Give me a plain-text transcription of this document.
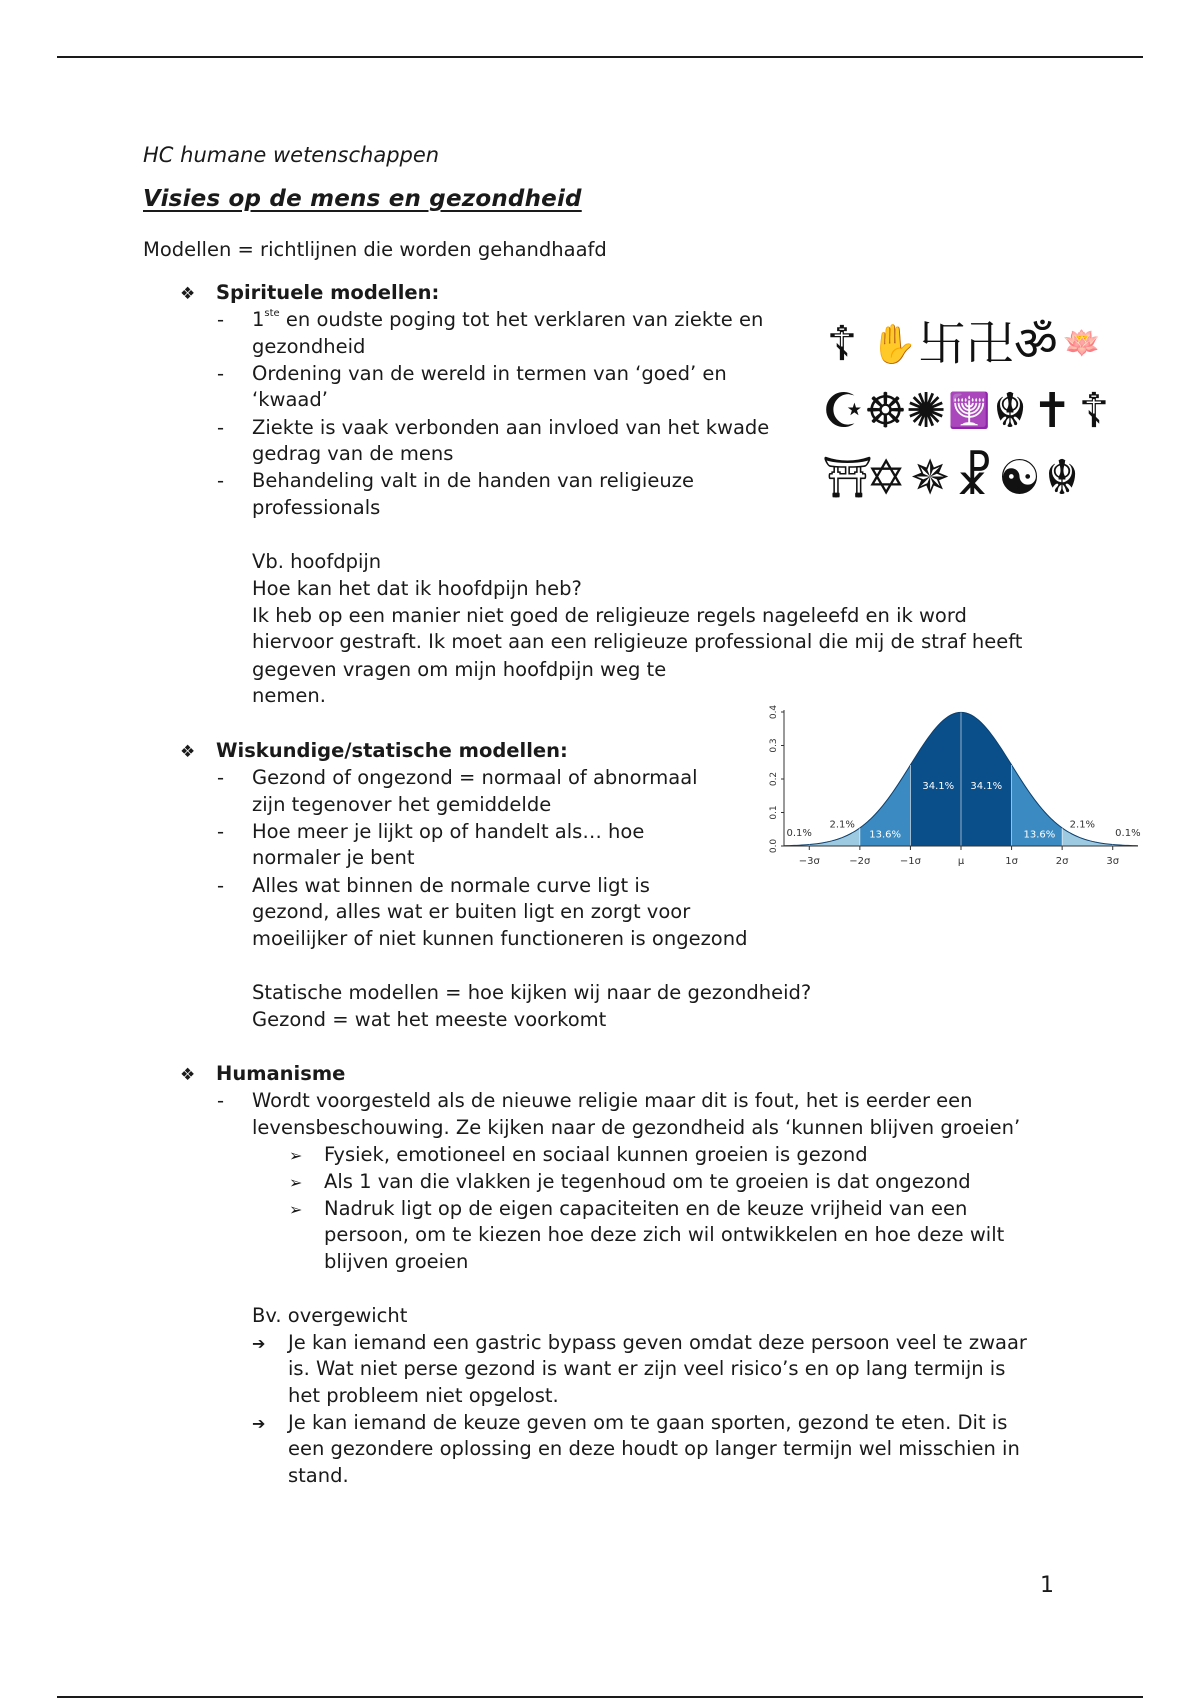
HC humane wetenschappen
Visies op de mens en gezondheid
Modellen = richtlijnen die worden gehandhaafd
❖ Spirituele modellen:
-	1ste en oudste poging tot het verklaren van ziekte en
gezondheid
-	Ordening van de wereld in termen van ‘goed’ en
‘kwaad’
-	Ziekte is vaak verbonden aan invloed van het kwade
gedrag van de mens
-	Behandeling valt in de handen van religieuze
professionals
Vb. hoofdpijn
Hoe kan het dat ik hoofdpijn heb?
Ik heb op een manier niet goed de religieuze regels nageleefd en ik word
hiervoor gestraft. Ik moet aan een religieuze professional die mij de straf heeft
gegeven vragen om mijn hoofdpijn weg te
nemen.
☦ ✋ 卐 卍 ॐ 🪷
☪
☸
✺ 🕎 ☬ ✝ ☦
⛩
✡ ✵ ☧ ☯ ☬
0.0
0.1
0.2
0.3
0.4
−3σ	−2σ	−1σ	μ	1σ	2σ	3σ
0.1%
2.1%
13.6%
34.1% 34.1%
13.6%
2.1%
0.1%
❖ Wiskundige/statische modellen:
-	Gezond of ongezond = normaal of abnormaal
zijn tegenover het gemiddelde
-	Hoe meer je lijkt op of handelt als… hoe
normaler je bent
-	Alles wat binnen de normale curve ligt is
gezond, alles wat er buiten ligt en zorgt voor
moeilijker of niet kunnen functioneren is ongezond
Statische modellen = hoe kijken wij naar de gezondheid?
Gezond = wat het meeste voorkomt
❖ Humanisme
-	Wordt voorgesteld als de nieuwe religie maar dit is fout, het is eerder een
levensbeschouwing. Ze kijken naar de gezondheid als ‘kunnen blijven groeien’
➢ Fysiek, emotioneel en sociaal kunnen groeien is gezond
➢ Als 1 van die vlakken je tegenhoud om te groeien is dat ongezond
➢ Nadruk ligt op de eigen capaciteiten en de keuze vrijheid van een
persoon, om te kiezen hoe deze zich wil ontwikkelen en hoe deze wilt
blijven groeien
Bv. overgewicht
➔ Je kan iemand een gastric bypass geven omdat deze persoon veel te zwaar
is. Wat niet perse gezond is want er zijn veel risico’s en op lang termijn is
het probleem niet opgelost.
➔ Je kan iemand de keuze geven om te gaan sporten, gezond te eten. Dit is
een gezondere oplossing en deze houdt op langer termijn wel misschien in
stand.
1
